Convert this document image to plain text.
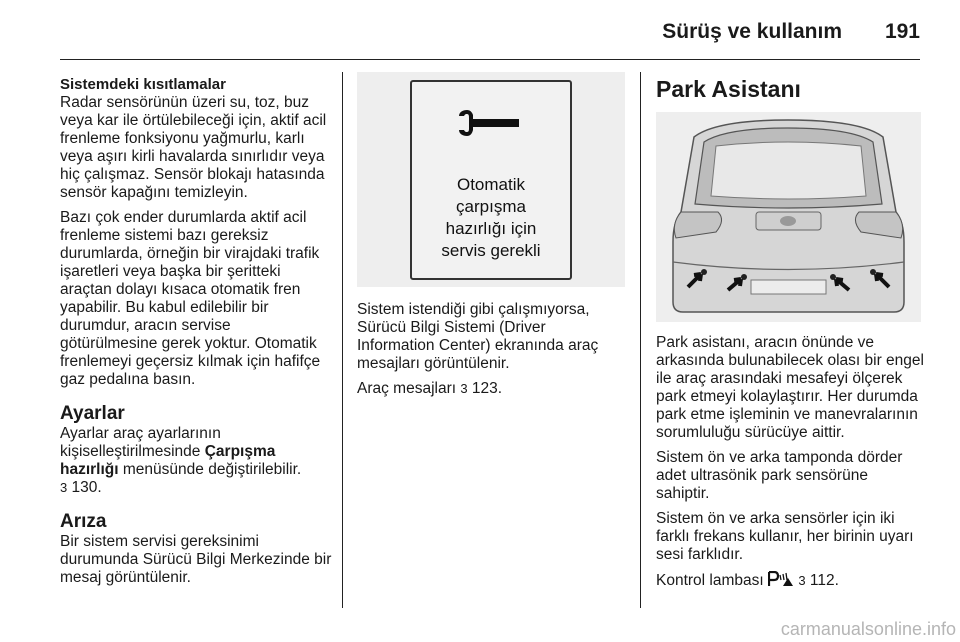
Sürüş ve kullanım 191
Sistemdeki kısıtlamalar

Radar sensörünün üzeri su, toz, buz veya kar ile örtülebileceği için, aktif acil frenleme fonksiyonu yağmurlu, karlı veya aşırı kirli havalarda sınırlıdır veya hiç çalışmaz. Sensör blokajı hatasında sensör kapağını temizleyin.

Bazı çok ender durumlarda aktif acil frenleme sistemi bazı gereksiz durumlarda, örneğin bir virajdaki trafik işaretleri veya başka bir şeritteki araçtan dolayı kısaca otomatik fren yapabilir. Bu kabul edilebilir bir durumdur, aracın servise götürülmesine gerek yoktur. Otomatik frenlemeyi geçersiz kılmak için hafifçe gaz pedalına basın.

Ayarlar

Ayarlar araç ayarlarının kişiselleştirilmesinde Çarpışma hazırlığı menüsünde değiştirilebilir.
3 130.

Arıza

Bir sistem servisi gereksinimi durumunda Sürücü Bilgi Merkezinde bir mesaj görüntülenir.

Otomatik
çarpışma
hazırlığı için
servis gerekli

Sistem istendiği gibi çalışmıyorsa, Sürücü Bilgi Sistemi (Driver Information Center) ekranında araç mesajları görüntülenir.

Araç mesajları 3 123.

Park Asistanı

Park asistanı, aracın önünde ve arkasında bulunabilecek olası bir engel ile araç arasındaki mesafeyi ölçerek park etmeyi kolaylaştırır. Her durumda park etme işleminin ve manevralarının sorumluluğu sürücüye aittir.

Sistem ön ve arka tamponda dörder adet ultrasönik park sensörüne sahiptir.

Sistem ön ve arka sensörler için iki farklı frekans kullanır, her birinin uyarı sesi farklıdır.

Kontrol lambası	3 112.

carmanualsonline.info
